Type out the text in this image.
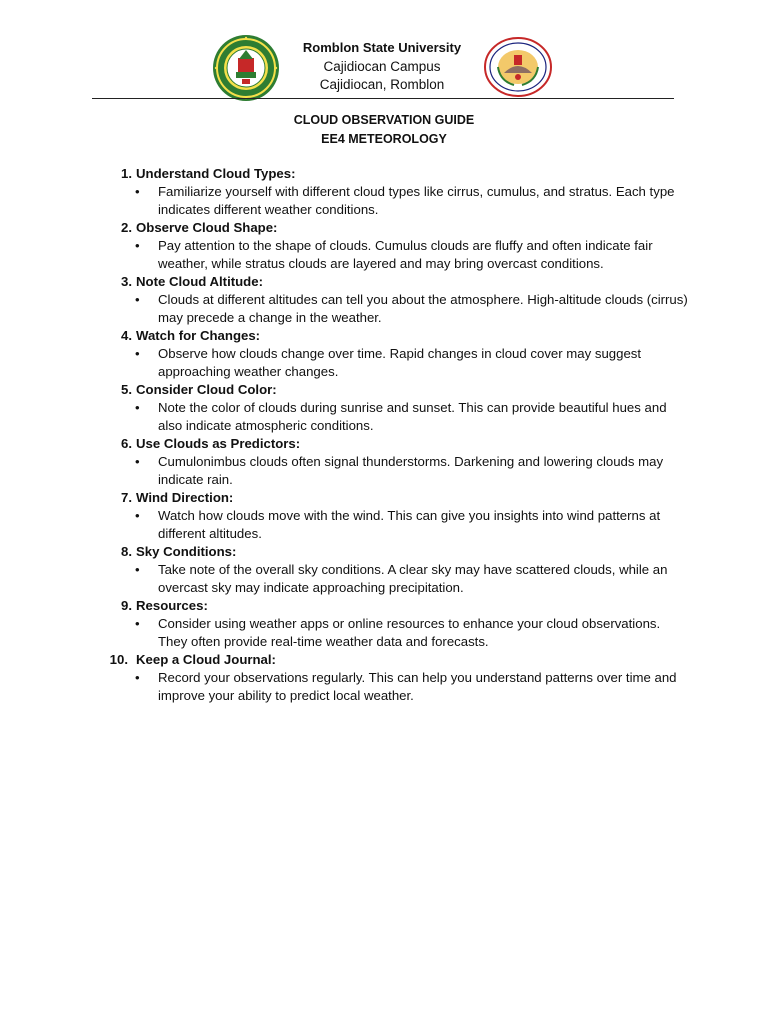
Romblon State University
Cajidiocan Campus
Cajidiocan, Romblon
CLOUD OBSERVATION GUIDE
EE4 METEOROLOGY
1. Understand Cloud Types:
• Familiarize yourself with different cloud types like cirrus, cumulus, and stratus. Each type indicates different weather conditions.
2. Observe Cloud Shape:
• Pay attention to the shape of clouds. Cumulus clouds are fluffy and often indicate fair weather, while stratus clouds are layered and may bring overcast conditions.
3. Note Cloud Altitude:
• Clouds at different altitudes can tell you about the atmosphere. High-altitude clouds (cirrus) may precede a change in the weather.
4. Watch for Changes:
• Observe how clouds change over time. Rapid changes in cloud cover may suggest approaching weather changes.
5. Consider Cloud Color:
• Note the color of clouds during sunrise and sunset. This can provide beautiful hues and also indicate atmospheric conditions.
6. Use Clouds as Predictors:
• Cumulonimbus clouds often signal thunderstorms. Darkening and lowering clouds may indicate rain.
7. Wind Direction:
• Watch how clouds move with the wind. This can give you insights into wind patterns at different altitudes.
8. Sky Conditions:
• Take note of the overall sky conditions. A clear sky may have scattered clouds, while an overcast sky may indicate approaching precipitation.
9. Resources:
• Consider using weather apps or online resources to enhance your cloud observations. They often provide real-time weather data and forecasts.
10. Keep a Cloud Journal:
• Record your observations regularly. This can help you understand patterns over time and improve your ability to predict local weather.
